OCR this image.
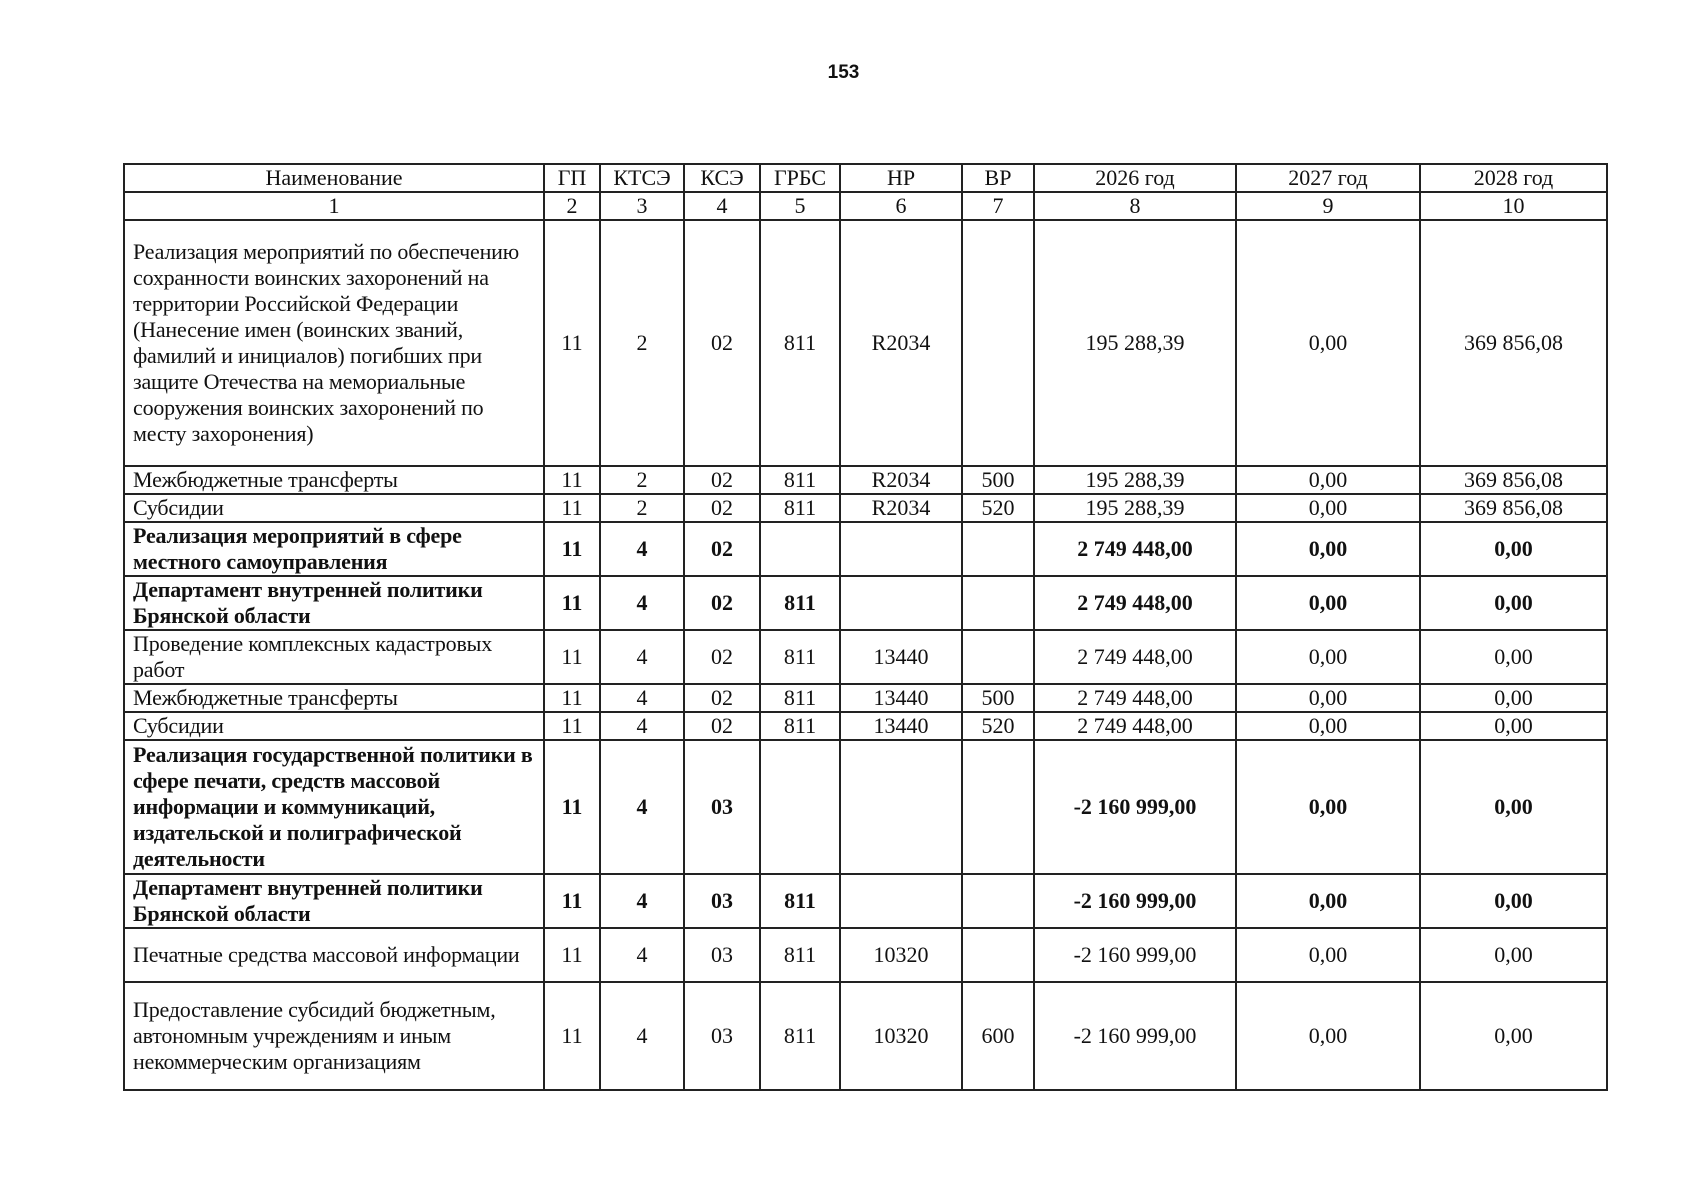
153
Наименование	ГП	КТСЭ	КСЭ	ГРБС	НР	ВР	2026 год	2027 год	2028 год
1	2	3	4	5	6	7	8	9	10
Реализация мероприятий по обеспечению сохранности воинских захоронений на территории Российской Федерации (Нанесение имен (воинских званий, фамилий и инициалов) погибших при защите Отечества на мемориальные сооружения воинских захоронений по месту захоронения)	11	2	02	811	R2034		195 288,39	0,00	369 856,08
Межбюджетные трансферты	11	2	02	811	R2034	500	195 288,39	0,00	369 856,08
Субсидии	11	2	02	811	R2034	520	195 288,39	0,00	369 856,08
Реализация мероприятий в сфере местного самоуправления	11	4	02				2 749 448,00	0,00	0,00
Департамент внутренней политики Брянской области	11	4	02	811			2 749 448,00	0,00	0,00
Проведение комплексных кадастровых работ	11	4	02	811	13440		2 749 448,00	0,00	0,00
Межбюджетные трансферты	11	4	02	811	13440	500	2 749 448,00	0,00	0,00
Субсидии	11	4	02	811	13440	520	2 749 448,00	0,00	0,00
Реализация государственной политики в сфере печати, средств массовой информации и коммуникаций, издательской и полиграфической деятельности	11	4	03				-2 160 999,00	0,00	0,00
Департамент внутренней политики Брянской области	11	4	03	811			-2 160 999,00	0,00	0,00
Печатные средства массовой информации	11	4	03	811	10320		-2 160 999,00	0,00	0,00
Предоставление субсидий бюджетным, автономным учреждениям и иным некоммерческим организациям	11	4	03	811	10320	600	-2 160 999,00	0,00	0,00
